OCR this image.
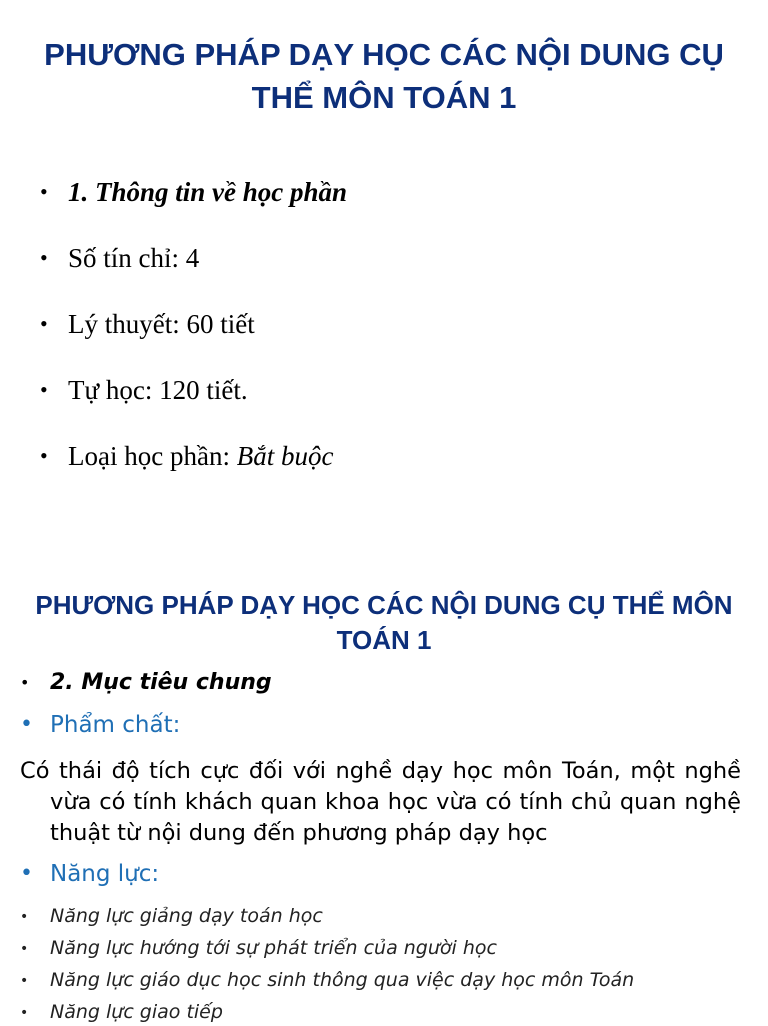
PHƯƠNG PHÁP DẠY HỌC CÁC NỘI DUNG CỤ THỂ MÔN TOÁN 1
• 1. Thông tin về học phần
• Số tín chỉ: 4
• Lý thuyết: 60 tiết
• Tự học: 120 tiết.
• Loại học phần: Bắt buộc
PHƯƠNG PHÁP DẠY HỌC CÁC NỘI DUNG CỤ THỂ MÔN TOÁN 1
• 2. Mục tiêu chung
• Phẩm chất:

Có thái độ tích cực đối với nghề dạy học môn Toán, một nghề vừa có tính khách quan khoa học vừa có tính chủ quan nghệ thuật từ nội dung đến phương pháp dạy học

• Năng lực:
• Năng lực giảng dạy toán học
• Năng lực hướng tới sự phát triển của người học
• Năng lực giáo dục học sinh thông qua việc dạy học môn Toán
• Năng lực giao tiếp
